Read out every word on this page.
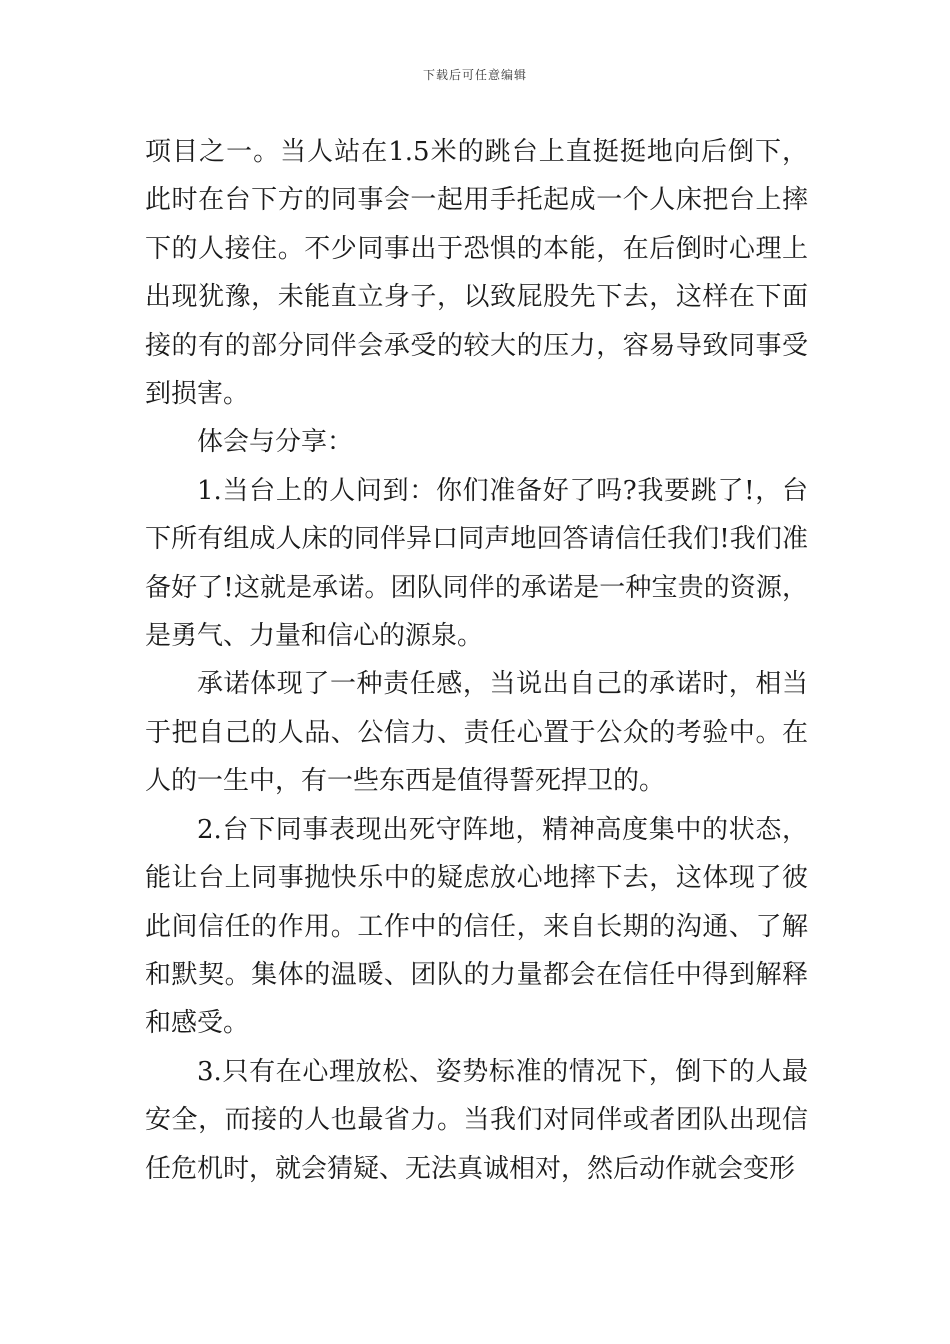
下载后可任意编辑

项目之一。当人站在1.5米的跳台上直挺挺地向后倒下，此时在台下方的同事会一起用手托起成一个人床把台上摔下的人接住。不少同事出于恐惧的本能，在后倒时心理上出现犹豫，未能直立身子，以致屁股先下去，这样在下面接的有的部分同伴会承受的较大的压力，容易导致同事受到损害。

体会与分享：

1.当台上的人问到：你们准备好了吗?我要跳了!，台下所有组成人床的同伴异口同声地回答请信任我们!我们准备好了!这就是承诺。团队同伴的承诺是一种宝贵的资源，是勇气、力量和信心的源泉。

承诺体现了一种责任感，当说出自己的承诺时，相当于把自己的人品、公信力、责任心置于公众的考验中。在人的一生中，有一些东西是值得誓死捍卫的。

2.台下同事表现出死守阵地，精神高度集中的状态，能让台上同事抛快乐中的疑虑放心地摔下去，这体现了彼此间信任的作用。工作中的信任，来自长期的沟通、了解和默契。集体的温暖、团队的力量都会在信任中得到解释和感受。

3.只有在心理放松、姿势标准的情况下，倒下的人最安全，而接的人也最省力。当我们对同伴或者团队出现信任危机时，就会猜疑、无法真诚相对，然后动作就会变形
